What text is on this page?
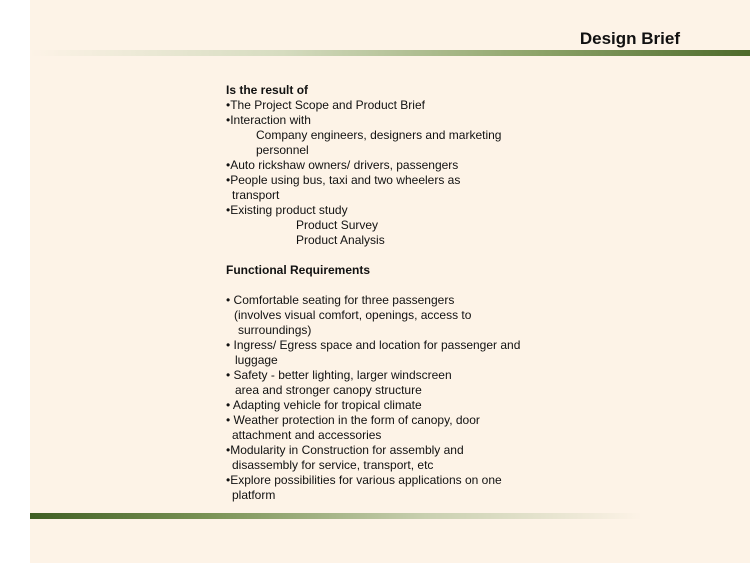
Design Brief
Is the result of
•The Project Scope and Product Brief
•Interaction with
Company engineers, designers and marketing
personnel
•Auto rickshaw owners/ drivers, passengers
•People using bus, taxi and two wheelers as
transport
•Existing product study
Product Survey
Product Analysis
Functional Requirements
• Comfortable seating for three passengers
(involves visual comfort, openings, access to
surroundings)
• Ingress/ Egress space and location for passenger and
luggage
• Safety - better lighting, larger windscreen
area and stronger canopy structure
• Adapting vehicle for tropical climate
• Weather protection in the form of canopy, door
attachment and accessories
•Modularity in Construction for assembly and
disassembly for service, transport, etc
•Explore possibilities for various applications on one
platform
